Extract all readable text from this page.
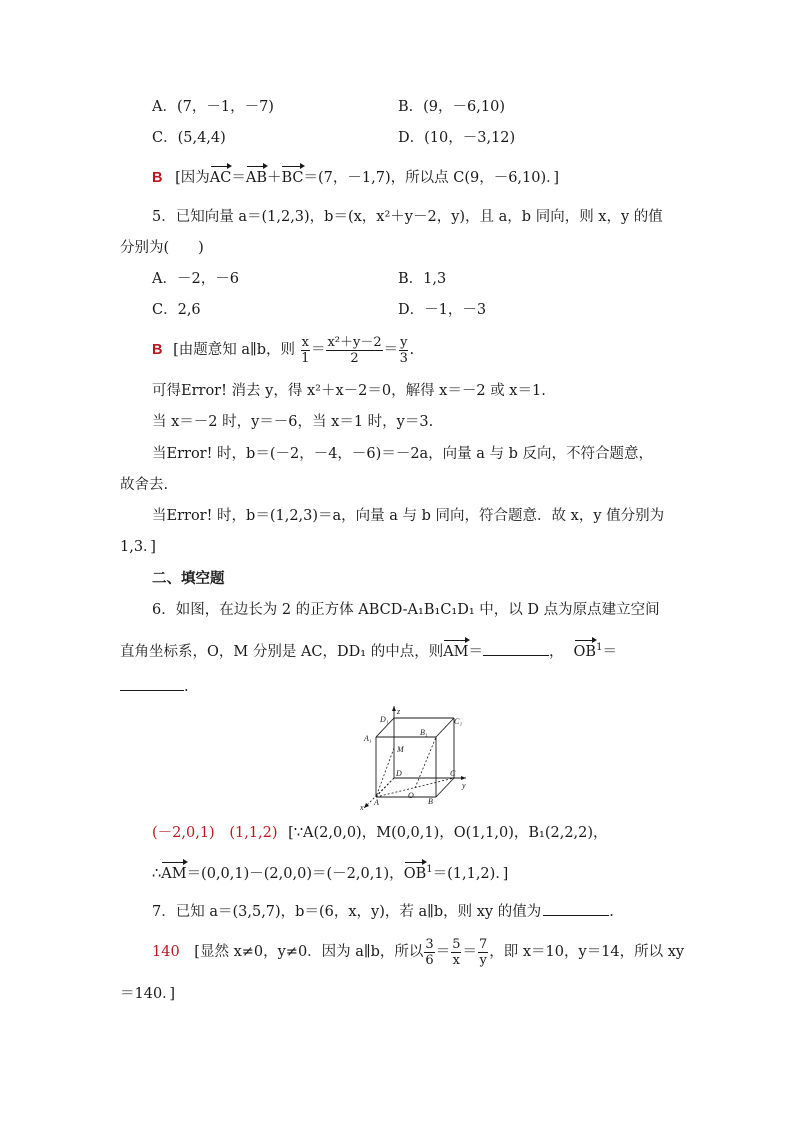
A．(7，－1，－7)	B．(9，－6,10)
C．(5,4,4)	D．(10，－3,12)
B [因为AC＝AB＋BC＝(7，－1,7)，所以点 C(9，－6,10)．]
5．已知向量 a＝(1,2,3)，b＝(x，x²＋y－2，y)，且 a，b 同向，则 x，y 的值
分别为(　　)
A．－2，－6	B．1,3
C．2,6	D．－1，－3
B [由题意知 a∥b，则 $\frac{x}{1} = \frac{\text{x²＋y－2}}{2} = \frac{y}{3}$ .
可得Error! 消去 y，得 x²＋x－2＝0，解得 x＝－2 或 x＝1.
当 x＝－2 时，y＝－6，当 x＝1 时，y＝3.
当Error! 时，b＝(－2，－4，－6)＝－2a，向量 a 与 b 反向，不符合题意，
故舍去.
当Error! 时，b＝(1,2,3)＝a，向量 a 与 b 同向，符合题意．故 x，y 值分别为
1,3．]
二、填空题
6．如图，在边长为 2 的正方体 ABCD-A₁B₁C₁D₁ 中，以 D 点为原点建立空间
直角坐标系，O，M 分别是 AC，DD₁ 的中点，则AM＝	， $OB^1=$
.
D₁
z
C₁
A₁
B₁
M
D	C
y
A
O
B
x
(－2,0,1) (1,1,2) [∵A(2,0,0)，M(0,0,1)，O(1,1,0)，B₁(2,2,2)，
∴AM＝(0,0,1)－(2,0,0)＝(－2,0,1)，$OB^1=(1,1,2)$．]
7．已知 a＝(3,5,7)，b＝(6，x，y)，若 a∥b，则 xy 的值为	.
140 [显然 x≠0，y≠0．因为 a∥b，所以 $\frac{3}{6} = \frac{5}{x} = \frac{7}{y}$ ，即 x＝10，y＝14，所以 xy
＝140．]
